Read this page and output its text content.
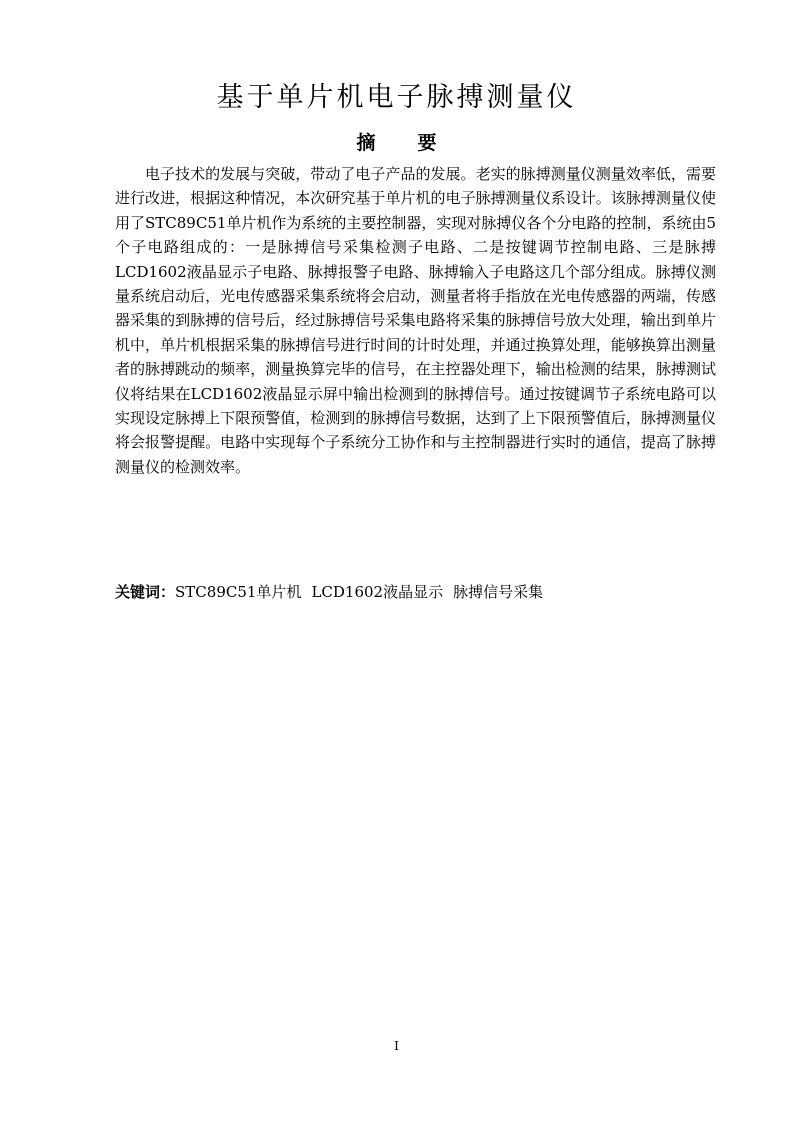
基于单片机电子脉搏测量仪
摘 要

电子技术的发展与突破，带动了电子产品的发展。老实的脉搏测量仪测量效率低，需要进行改进，根据这种情况，本次研究基于单片机的电子脉搏测量仪系设计。该脉搏测量仪使用了STC89C51单片机作为系统的主要控制器，实现对脉搏仪各个分电路的控制，系统由5个子电路组成的：一是脉搏信号采集检测子电路、二是按键调节控制电路、三是脉搏LCD1602液晶显示子电路、脉搏报警子电路、脉搏输入子电路这几个部分组成。脉搏仪测量系统启动后，光电传感器采集系统将会启动，测量者将手指放在光电传感器的两端，传感器采集的到脉搏的信号后，经过脉搏信号采集电路将采集的脉搏信号放大处理，输出到单片机中，单片机根据采集的脉搏信号进行时间的计时处理，并通过换算处理，能够换算出测量者的脉搏跳动的频率，测量换算完毕的信号，在主控器处理下，输出检测的结果，脉搏测试仪将结果在LCD1602液晶显示屏中输出检测到的脉搏信号。通过按键调节子系统电路可以实现设定脉搏上下限预警值，检测到的脉搏信号数据，达到了上下限预警值后，脉搏测量仪将会报警提醒。电路中实现每个子系统分工协作和与主控制器进行实时的通信，提高了脉搏测量仪的检测效率。

关键词：STC89C51单片机 LCD1602液晶显示 脉搏信号采集
I
